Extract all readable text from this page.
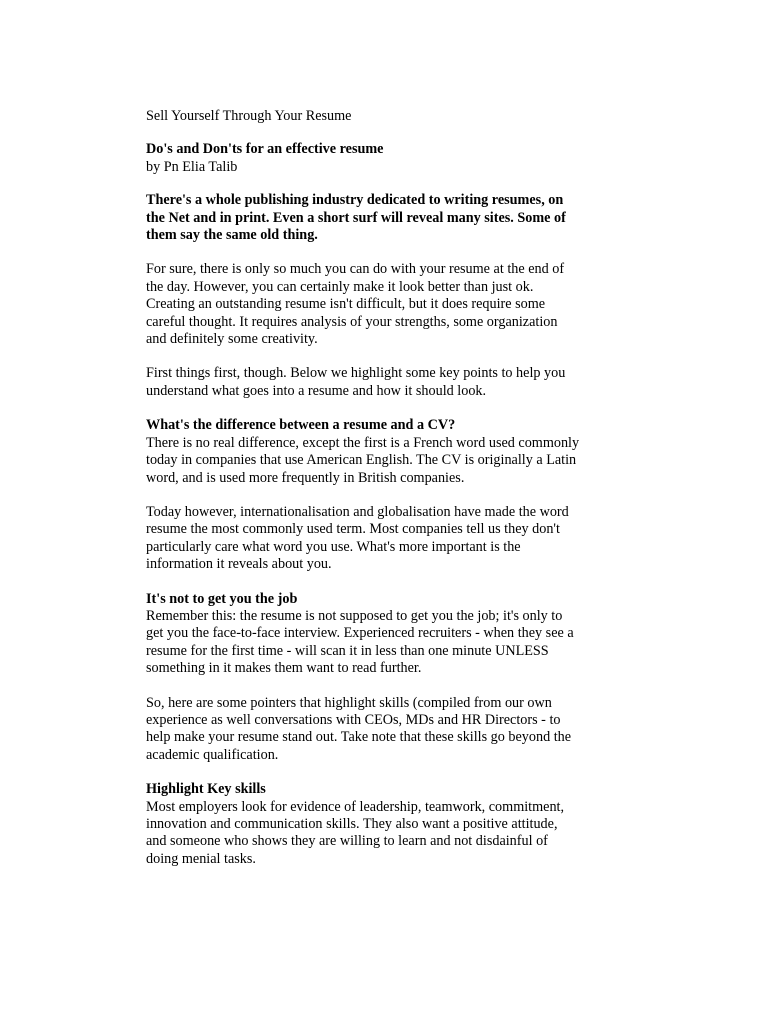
Sell Yourself Through Your Resume

Do's and Don'ts for an effective resume
by Pn Elia Talib

There's a whole publishing industry dedicated to writing resumes, on
the Net and in print. Even a short surf will reveal many sites. Some of
them say the same old thing.

For sure, there is only so much you can do with your resume at the end of
the day. However, you can certainly make it look better than just ok.
Creating an outstanding resume isn't difficult, but it does require some
careful thought. It requires analysis of your strengths, some organization
and definitely some creativity.

First things first, though. Below we highlight some key points to help you
understand what goes into a resume and how it should look.

What's the difference between a resume and a CV?
There is no real difference, except the first is a French word used commonly
today in companies that use American English. The CV is originally a Latin
word, and is used more frequently in British companies.

Today however, internationalisation and globalisation have made the word
resume the most commonly used term. Most companies tell us they don't
particularly care what word you use. What's more important is the
information it reveals about you.

It's not to get you the job
Remember this: the resume is not supposed to get you the job; it's only to
get you the face-to-face interview. Experienced recruiters - when they see a
resume for the first time - will scan it in less than one minute UNLESS
something in it makes them want to read further.

So, here are some pointers that highlight skills (compiled from our own
experience as well conversations with CEOs, MDs and HR Directors - to
help make your resume stand out. Take note that these skills go beyond the
academic qualification.

Highlight Key skills
Most employers look for evidence of leadership, teamwork, commitment,
innovation and communication skills. They also want a positive attitude,
and someone who shows they are willing to learn and not disdainful of
doing menial tasks.
